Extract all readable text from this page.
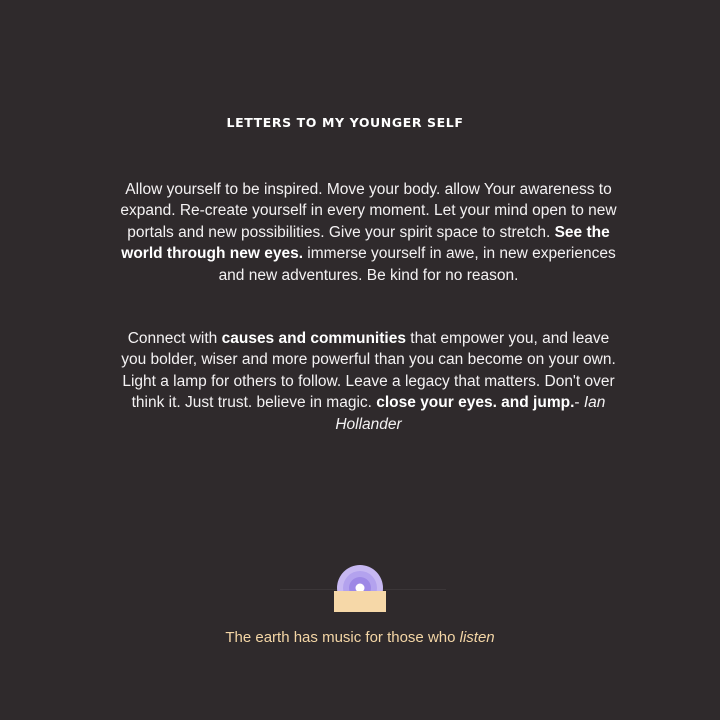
LETTERS TO MY YOUNGER SELF
Allow yourself to be inspired. Move your body. allow Your awareness to expand. Re-create yourself in every moment. Let your mind open to new portals and new possibilities. Give your spirit space to stretch. See the world through new eyes. immerse yourself in awe, in new experiences and new adventures. Be kind for no reason.
Connect with causes and communities that empower you, and leave you bolder, wiser and more powerful than you can become on your own. Light a lamp for others to follow. Leave a legacy that matters. Don't over think it. Just trust. believe in magic. close your eyes. and jump.- Ian Hollander
The earth has music for those who listen
